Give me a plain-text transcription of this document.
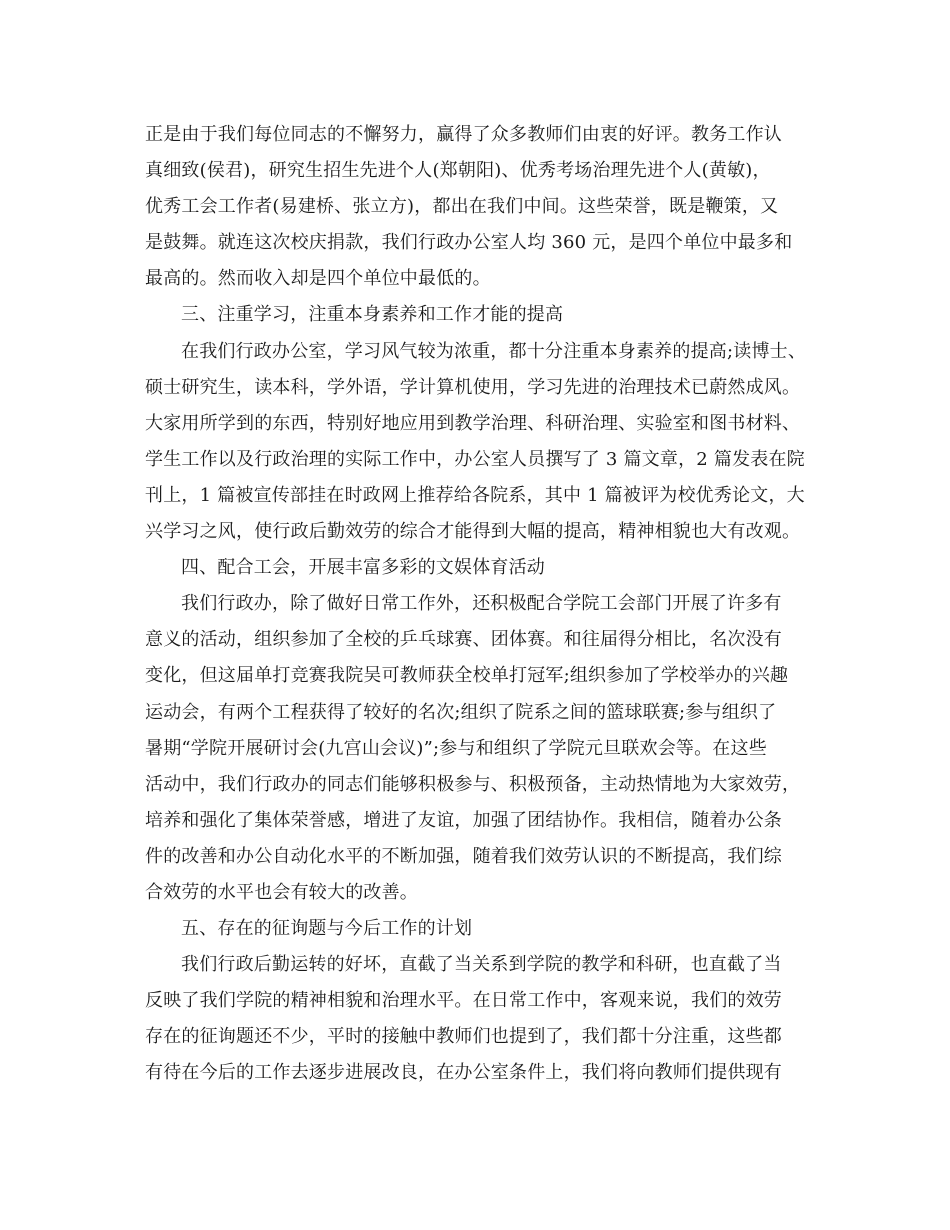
正是由于我们每位同志的不懈努力，赢得了众多教师们由衷的好评。教务工作认
真细致(侯君)，研究生招生先进个人(郑朝阳)、优秀考场治理先进个人(黄敏)，
优秀工会工作者(易建桥、张立方)，都出在我们中间。这些荣誉，既是鞭策，又
是鼓舞。就连这次校庆捐款，我们行政办公室人均 360 元，是四个单位中最多和
最高的。然而收入却是四个单位中最低的。

三、注重学习，注重本身素养和工作才能的提高

在我们行政办公室，学习风气较为浓重，都十分注重本身素养的提高;读博士、
硕士研究生，读本科，学外语，学计算机使用，学习先进的治理技术已蔚然成风。
大家用所学到的东西，特别好地应用到教学治理、科研治理、实验室和图书材料、
学生工作以及行政治理的实际工作中，办公室人员撰写了 3 篇文章，2 篇发表在院
刊上，1 篇被宣传部挂在时政网上推荐给各院系，其中 1 篇被评为校优秀论文，大
兴学习之风，使行政后勤效劳的综合才能得到大幅的提高，精神相貌也大有改观。

四、配合工会，开展丰富多彩的文娱体育活动

我们行政办，除了做好日常工作外，还积极配合学院工会部门开展了许多有
意义的活动，组织参加了全校的乒乓球赛、团体赛。和往届得分相比，名次没有
变化，但这届单打竞赛我院吴可教师获全校单打冠军;组织参加了学校举办的兴趣
运动会，有两个工程获得了较好的名次;组织了院系之间的篮球联赛;参与组织了
暑期“学院开展研讨会(九宫山会议)”;参与和组织了学院元旦联欢会等。在这些
活动中，我们行政办的同志们能够积极参与、积极预备，主动热情地为大家效劳，
培养和强化了集体荣誉感，增进了友谊，加强了团结协作。我相信，随着办公条
件的改善和办公自动化水平的不断加强，随着我们效劳认识的不断提高，我们综
合效劳的水平也会有较大的改善。

五、存在的征询题与今后工作的计划

我们行政后勤运转的好坏，直截了当关系到学院的教学和科研，也直截了当
反映了我们学院的精神相貌和治理水平。在日常工作中，客观来说，我们的效劳
存在的征询题还不少，平时的接触中教师们也提到了，我们都十分注重，这些都
有待在今后的工作去逐步进展改良，在办公室条件上，我们将向教师们提供现有
